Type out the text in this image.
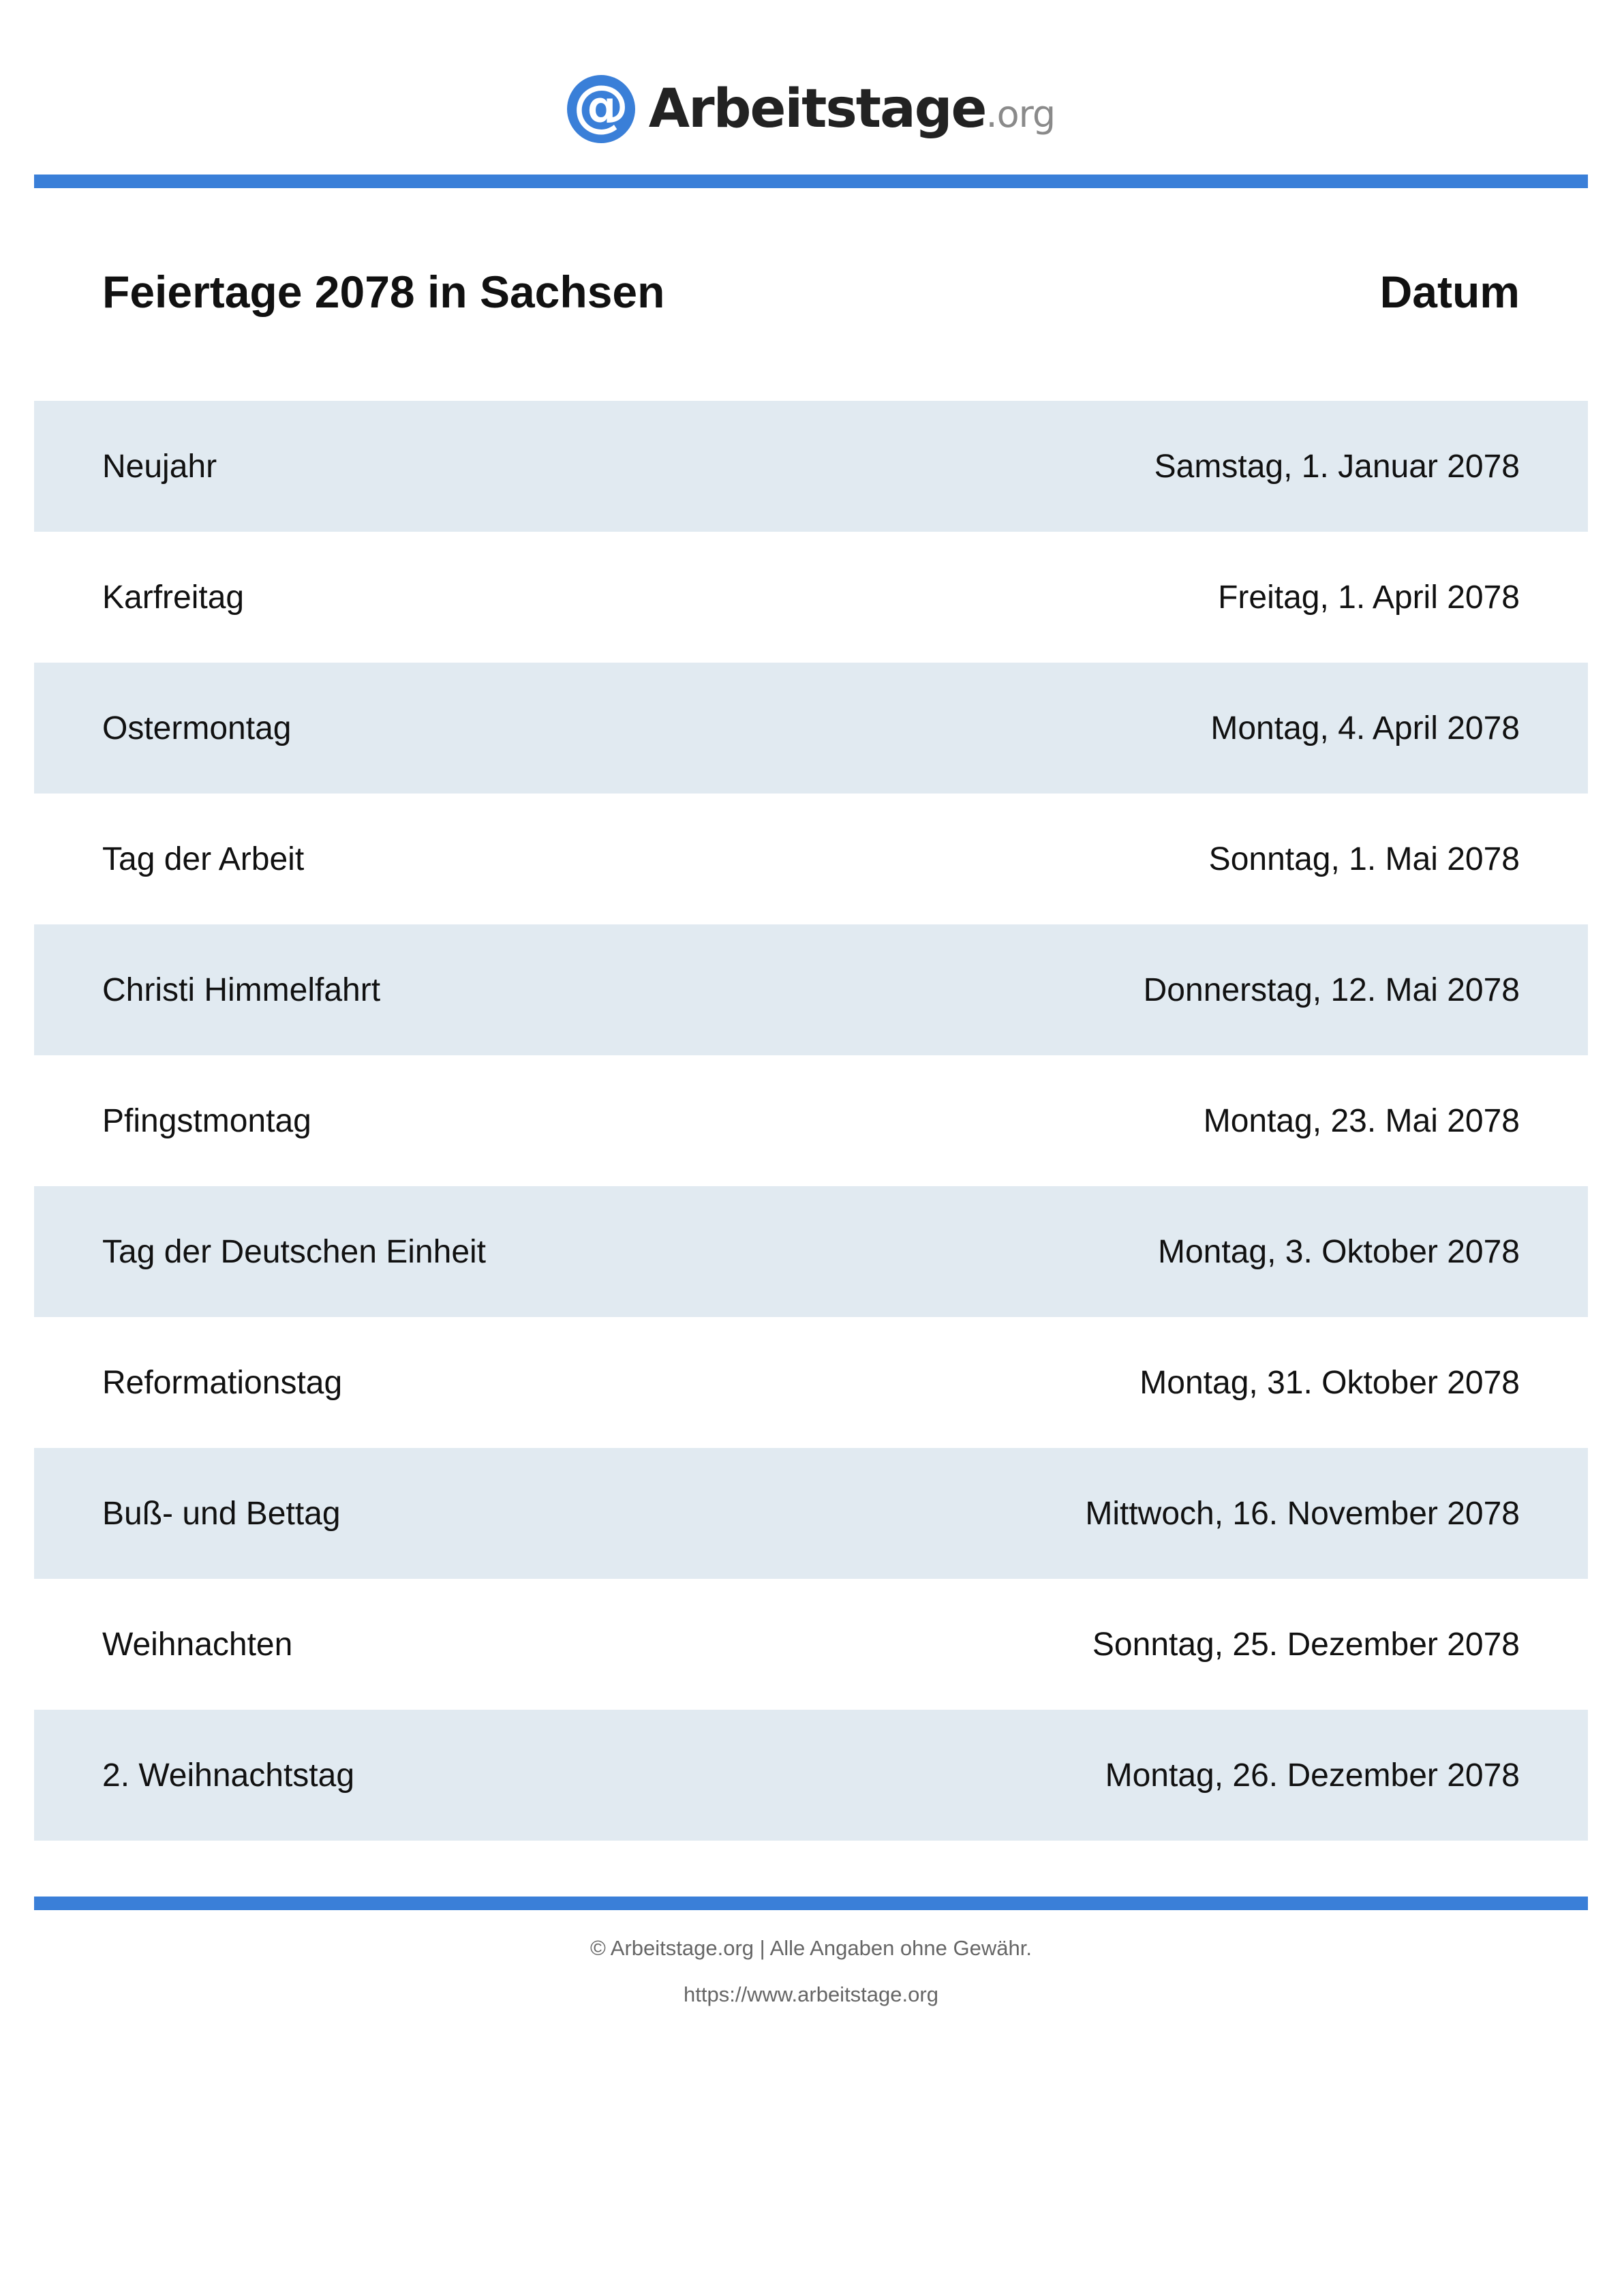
@ Arbeitstage.org
Feiertage 2078 in Sachsen	Datum
Neujahr	Samstag, 1. Januar 2078
Karfreitag	Freitag, 1. April 2078
Ostermontag	Montag, 4. April 2078
Tag der Arbeit	Sonntag, 1. Mai 2078
Christi Himmelfahrt	Donnerstag, 12. Mai 2078
Pfingstmontag	Montag, 23. Mai 2078
Tag der Deutschen Einheit	Montag, 3. Oktober 2078
Reformationstag	Montag, 31. Oktober 2078
Buß- und Bettag	Mittwoch, 16. November 2078
Weihnachten	Sonntag, 25. Dezember 2078
2. Weihnachtstag	Montag, 26. Dezember 2078
© Arbeitstage.org | Alle Angaben ohne Gewähr.
https://www.arbeitstage.org
